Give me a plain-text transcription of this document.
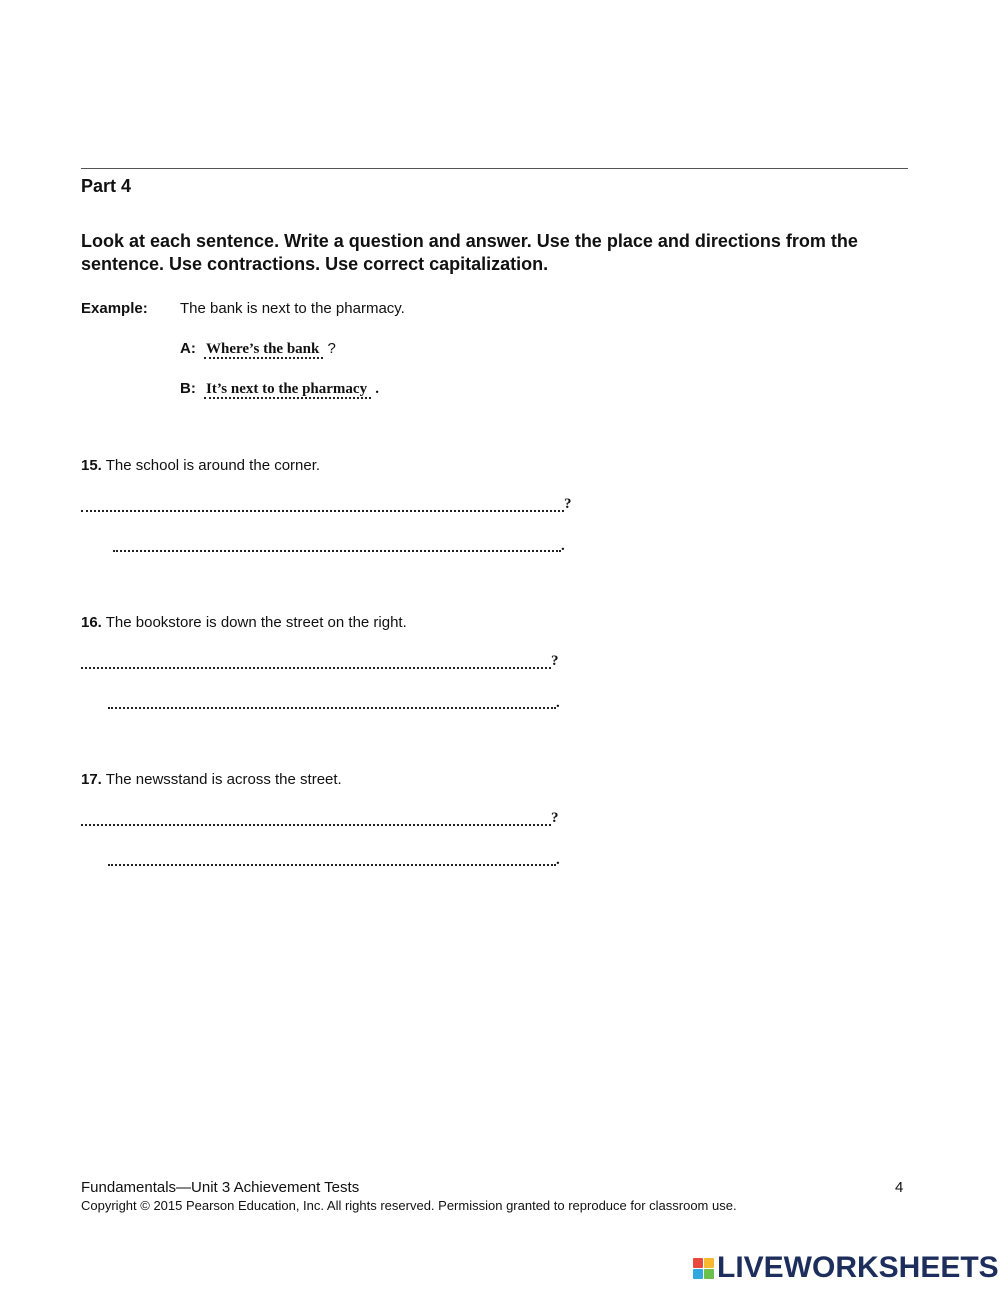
Part 4
Look at each sentence. Write a question and answer. Use the place and directions from the sentence. Use contractions. Use correct capitalization.
Example: The bank is next to the pharmacy.
A: Where’s the bank ?
B: It’s next to the pharmacy .
15. The school is around the corner.
?
.
16. The bookstore is down the street on the right.
?
.
17. The newsstand is across the street.
?
.
Fundamentals—Unit 3 Achievement Tests	4
Copyright © 2015 Pearson Education, Inc. All rights reserved. Permission granted to reproduce for classroom use.
LIVEWORKSHEETS
